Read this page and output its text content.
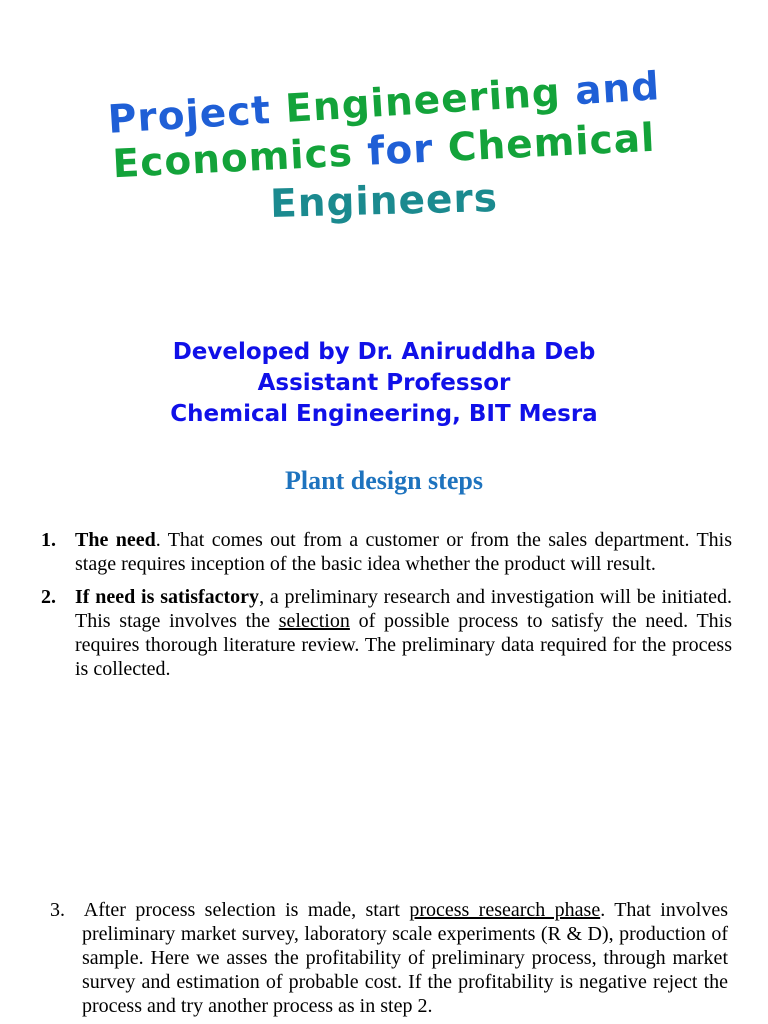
Project Engineering and
Economics for Chemical
Engineers
Developed by Dr. Aniruddha Deb
Assistant Professor
Chemical Engineering, BIT Mesra
Plant design steps
1. The need. That comes out from a customer or from the sales department. This stage requires inception of the basic idea whether the product will result.
2. If need is satisfactory, a preliminary research and investigation will be initiated. This stage involves the selection of possible process to satisfy the need. This requires thorough literature review. The preliminary data required for the process is collected.
3. After process selection is made, start process research phase. That involves preliminary market survey, laboratory scale experiments (R & D), production of sample. Here we asses the profitability of preliminary process, through market survey and estimation of probable cost. If the profitability is negative reject the process and try another process as in step 2.
